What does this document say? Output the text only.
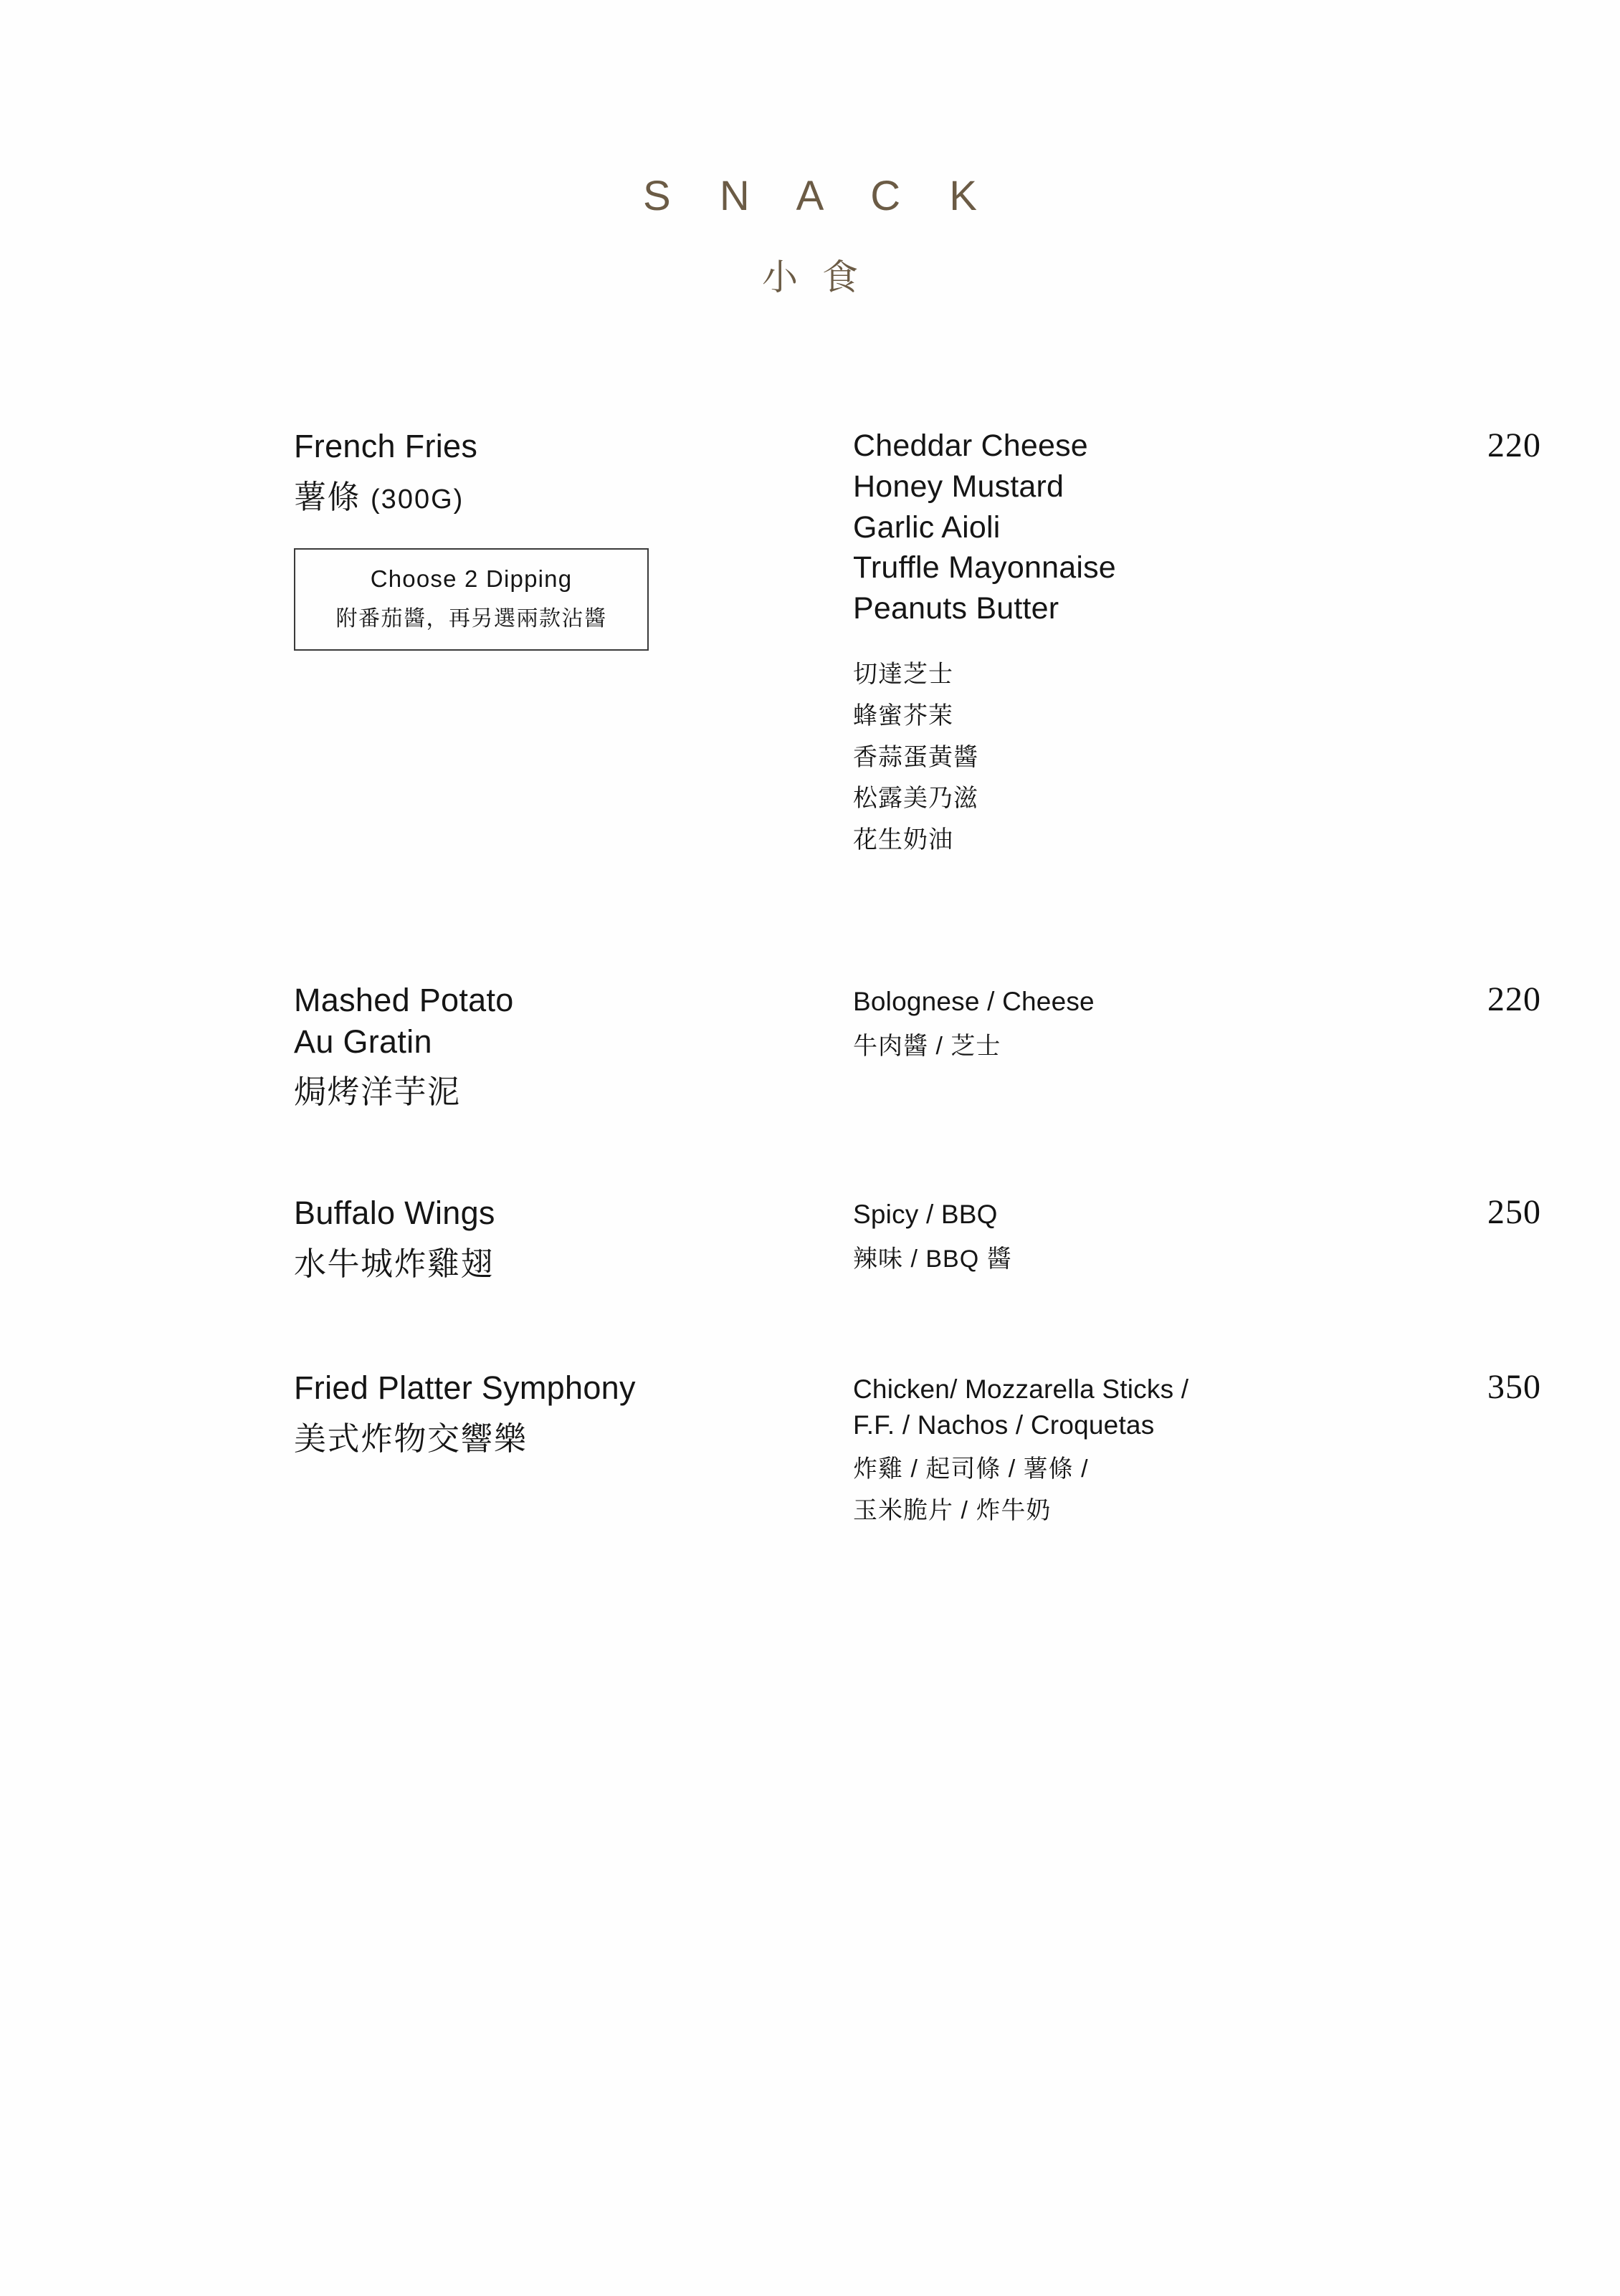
S N A C K
小 食
French Fries
薯條 (300G)
Choose 2 Dipping
附番茄醬，再另選兩款沾醬
Cheddar Cheese
Honey Mustard
Garlic Aioli
Truffle Mayonnaise
Peanuts Butter
切達芝士
蜂蜜芥茉
香蒜蛋黃醬
松露美乃滋
花生奶油
220
Mashed Potato
Au Gratin
焗烤洋芋泥
Bolognese / Cheese
牛肉醬 / 芝士
220
Buffalo Wings
水牛城炸雞翅
Spicy / BBQ
辣味 / BBQ 醬
250
Fried Platter Symphony
美式炸物交響樂
Chicken/ Mozzarella Sticks /
F.F. / Nachos / Croquetas
炸雞 / 起司條 / 薯條 /
玉米脆片 / 炸牛奶
350
